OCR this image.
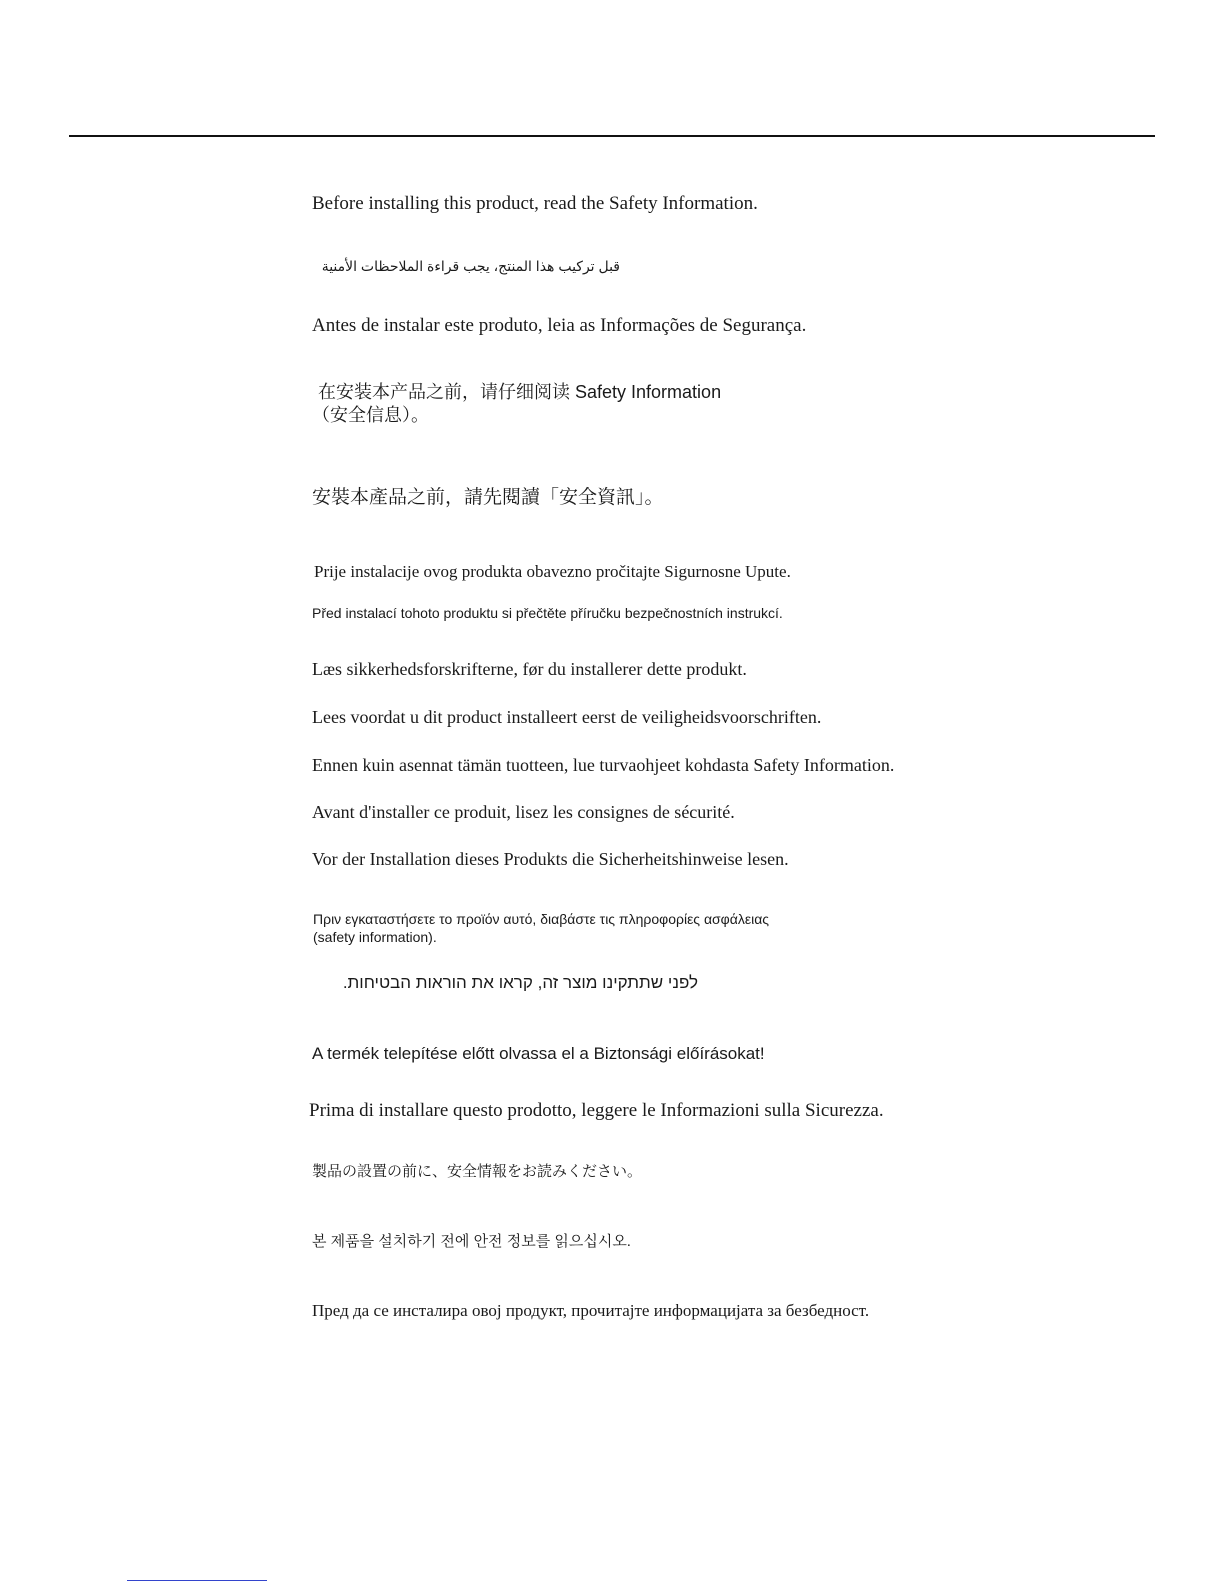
Before installing this product, read the Safety Information.
قبل تركيب هذا المنتج، يجب قراءة الملاحظات الأمنية
Antes de instalar este produto, leia as Informações de Segurança.
在安装本产品之前，请仔细阅读 Safety Information
（安全信息）。
安裝本產品之前，請先閱讀「安全資訊」。
Prije instalacije ovog produkta obavezno pročitajte Sigurnosne Upute.
Před instalací tohoto produktu si přečtěte příručku bezpečnostních instrukcí.
Læs sikkerhedsforskrifterne, før du installerer dette produkt.
Lees voordat u dit product installeert eerst de veiligheidsvoorschriften.
Ennen kuin asennat tämän tuotteen, lue turvaohjeet kohdasta Safety Information.
Avant d'installer ce produit, lisez les consignes de sécurité.
Vor der Installation dieses Produkts die Sicherheitshinweise lesen.
Πριν εγκαταστήσετε το προϊόν αυτό, διαβάστε τις πληροφορίες ασφάλειας
(safety information).
לפני שתתקינו מוצר זה, קראו את הוראות הבטיחות.
A termék telepítése előtt olvassa el a Biztonsági előírásokat!
Prima di installare questo prodotto, leggere le Informazioni sulla Sicurezza.
製品の設置の前に、安全情報をお読みください。
본 제품을 설치하기 전에 안전 정보를 읽으십시오.
Пред да се инсталира овој продукт, прочитајте информацијата за безбедност.
